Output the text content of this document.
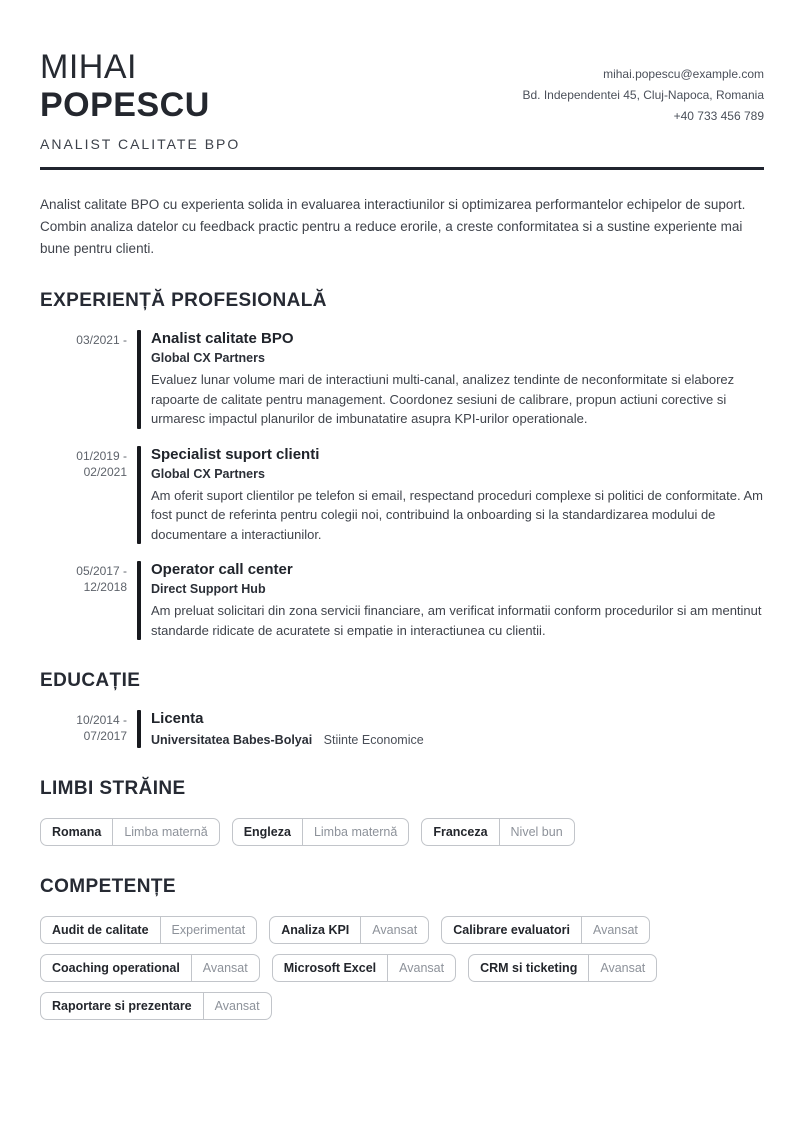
MIHAI
POPESCU
ANALIST CALITATE BPO
mihai.popescu@example.com
Bd. Independentei 45, Cluj-Napoca, Romania
+40 733 456 789
Analist calitate BPO cu experienta solida in evaluarea interactiunilor si optimizarea performantelor echipelor de suport. Combin analiza datelor cu feedback practic pentru a reduce erorile, a creste conformitatea si a sustine experiente mai bune pentru clienti.
EXPERIENȚĂ PROFESIONALĂ
03/2021 - Analist calitate BPO
Global CX Partners
Evaluez lunar volume mari de interactiuni multi-canal, analizez tendinte de neconformitate si elaborez rapoarte de calitate pentru management. Coordonez sesiuni de calibrare, propun actiuni corective si urmaresc impactul planurilor de imbunatatire asupra KPI-urilor operationale.
01/2019 -
02/2021
Specialist suport clienti
Global CX Partners
Am oferit suport clientilor pe telefon si email, respectand proceduri complexe si politici de conformitate. Am fost punct de referinta pentru colegii noi, contribuind la onboarding si la standardizarea modului de documentare a interactiunilor.
05/2017 -
12/2018
Operator call center
Direct Support Hub
Am preluat solicitari din zona servicii financiare, am verificat informatii conform procedurilor si am mentinut standarde ridicate de acuratete si empatie in interactiunea cu clientii.
EDUCAȚIE
10/2014 -
07/2017
Licenta
Universitatea Babes-Bolyai Stiinte Economice
LIMBI STRĂINE
Romana	Limba maternă	Engleza	Limba maternă	Franceza	Nivel bun
COMPETENȚE
Audit de calitate	Experimentat	Analiza KPI	Avansat	Calibrare evaluatori	Avansat
Coaching operational	Avansat	Microsoft Excel	Avansat	CRM si ticketing	Avansat
Raportare si prezentare	Avansat
